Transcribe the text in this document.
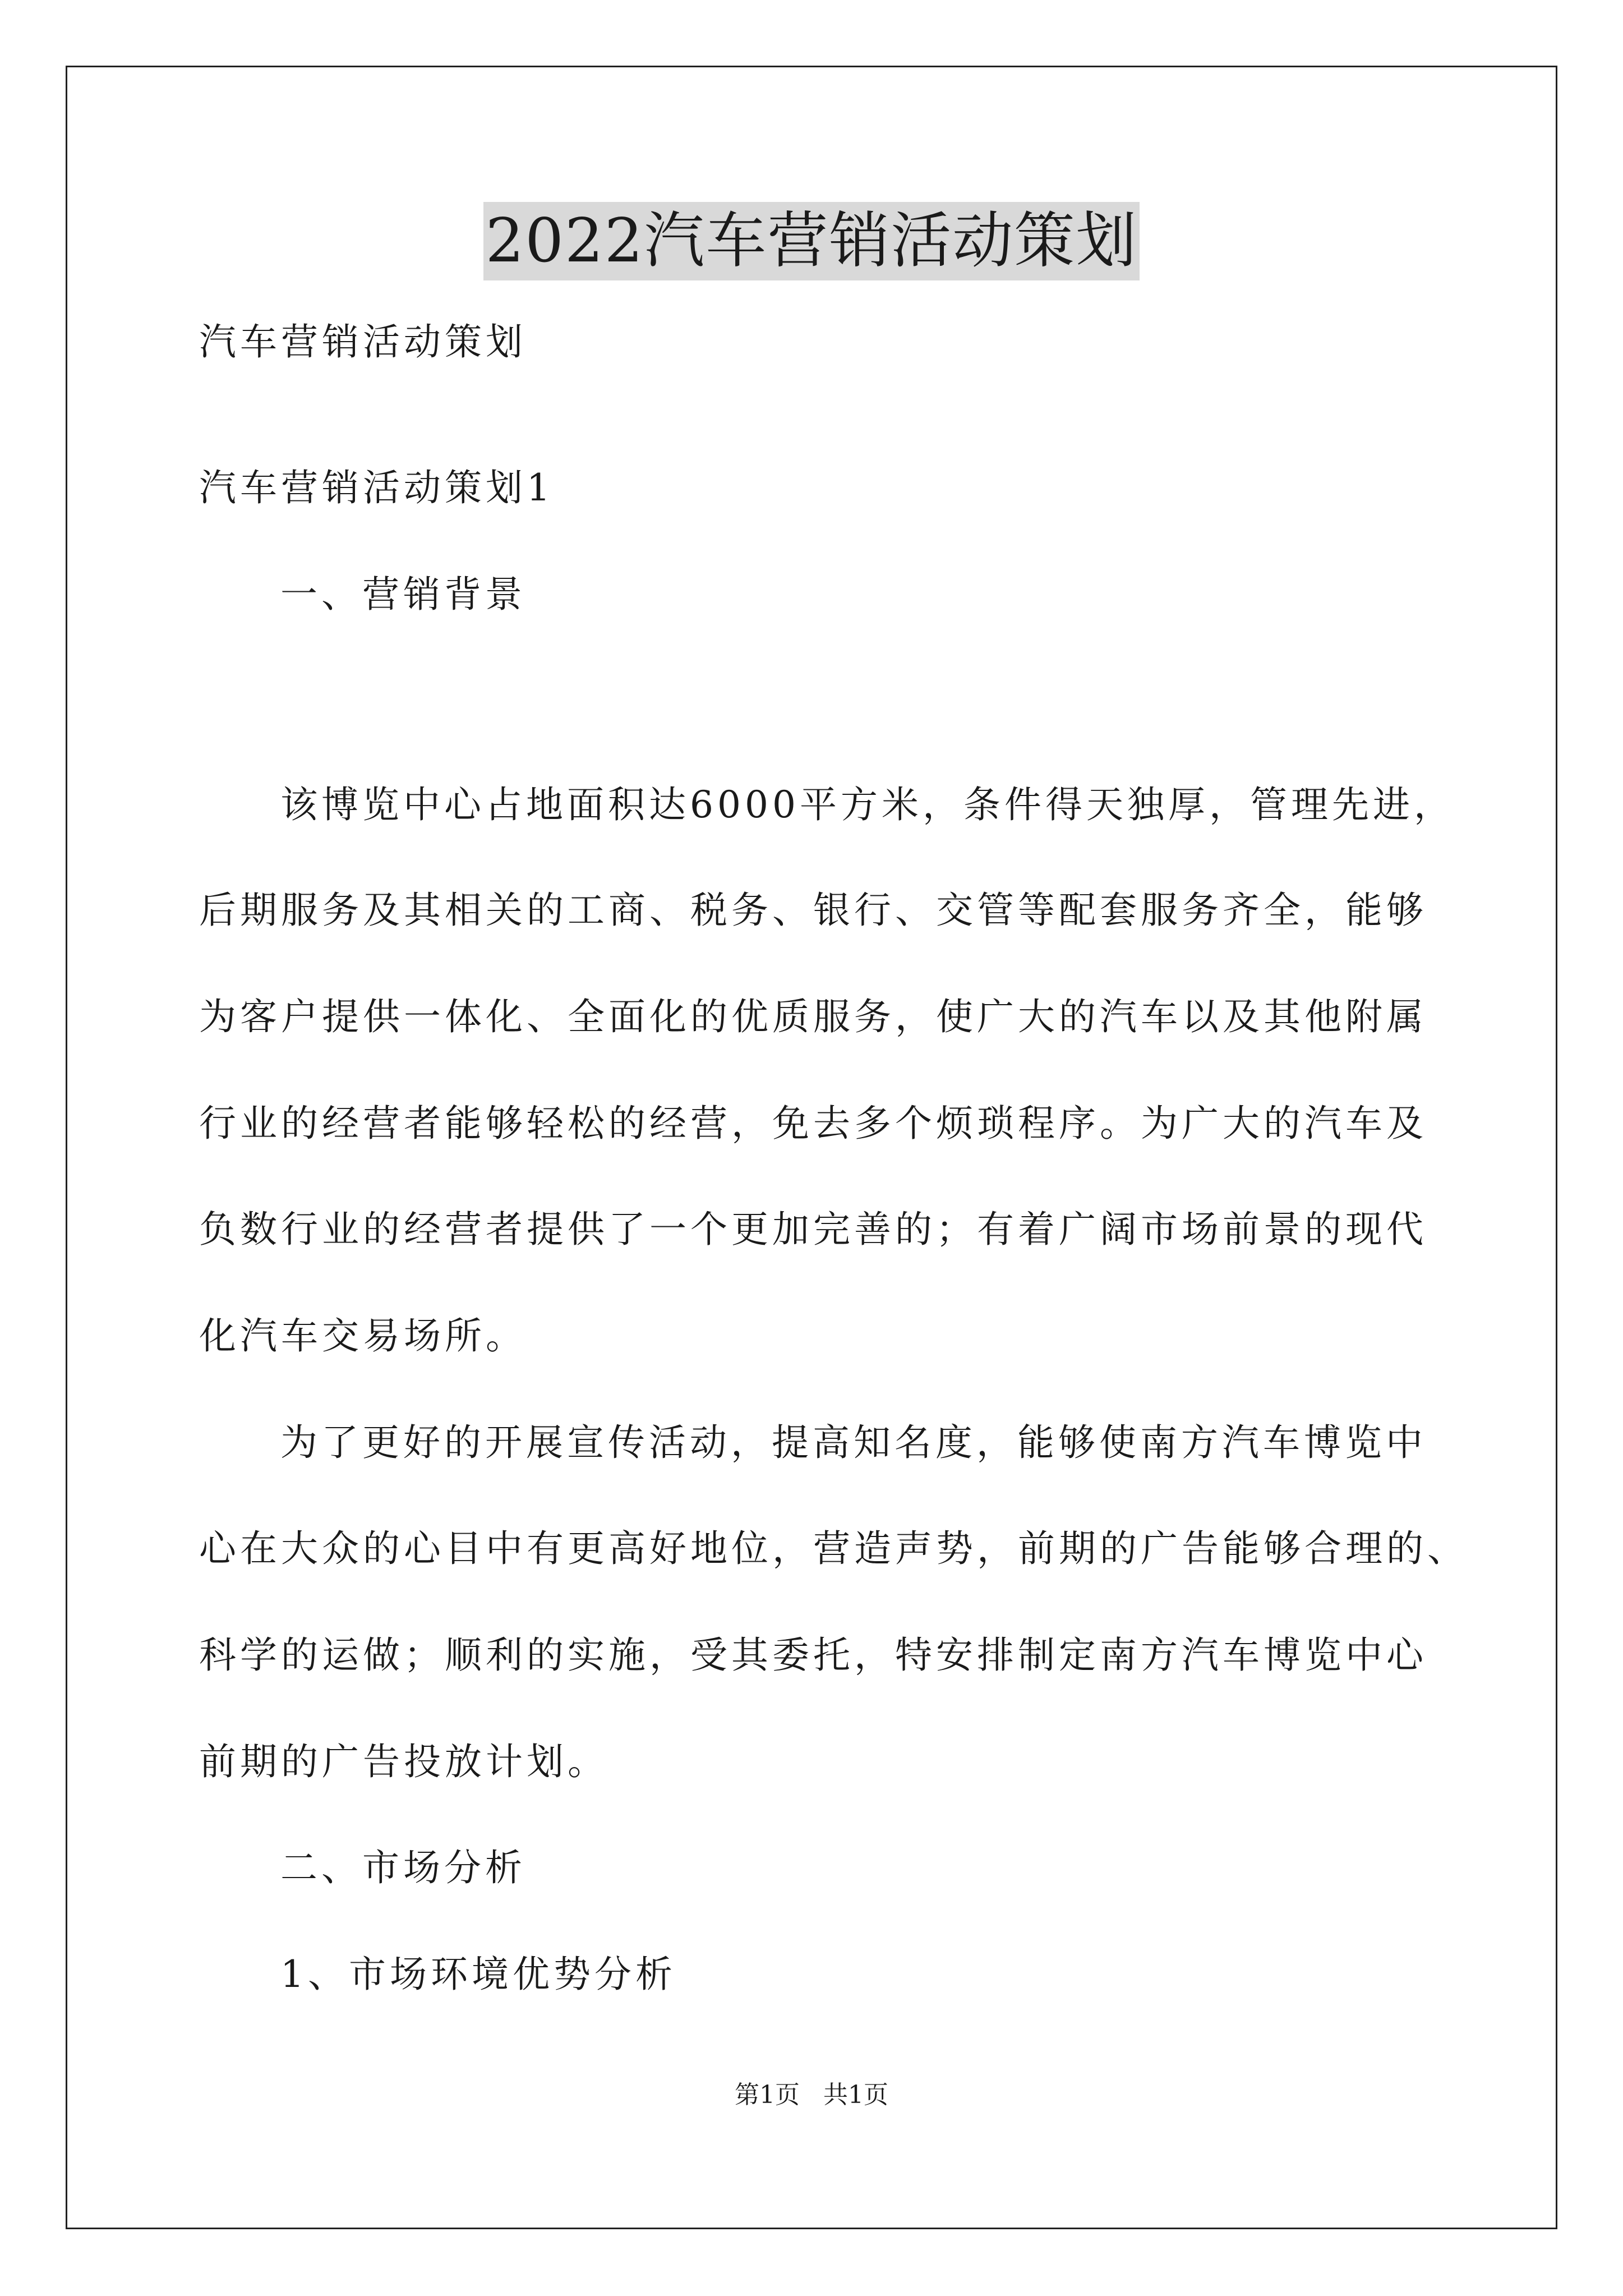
2022汽车营销活动策划
汽车营销活动策划
汽车营销活动策划1
一、营销背景
该博览中心占地面积达6000平方米，条件得天独厚，管理先进，
后期服务及其相关的工商、税务、银行、交管等配套服务齐全，能够
为客户提供一体化、全面化的优质服务，使广大的汽车以及其他附属
行业的经营者能够轻松的经营，免去多个烦琐程序。为广大的汽车及
负数行业的经营者提供了一个更加完善的；有着广阔市场前景的现代
化汽车交易场所。
为了更好的开展宣传活动，提高知名度，能够使南方汽车博览中
心在大众的心目中有更高好地位，营造声势，前期的广告能够合理的、
科学的运做；顺利的实施，受其委托，特安排制定南方汽车博览中心
前期的广告投放计划。
二、市场分析
1、市场环境优势分析
第1页   共1页
